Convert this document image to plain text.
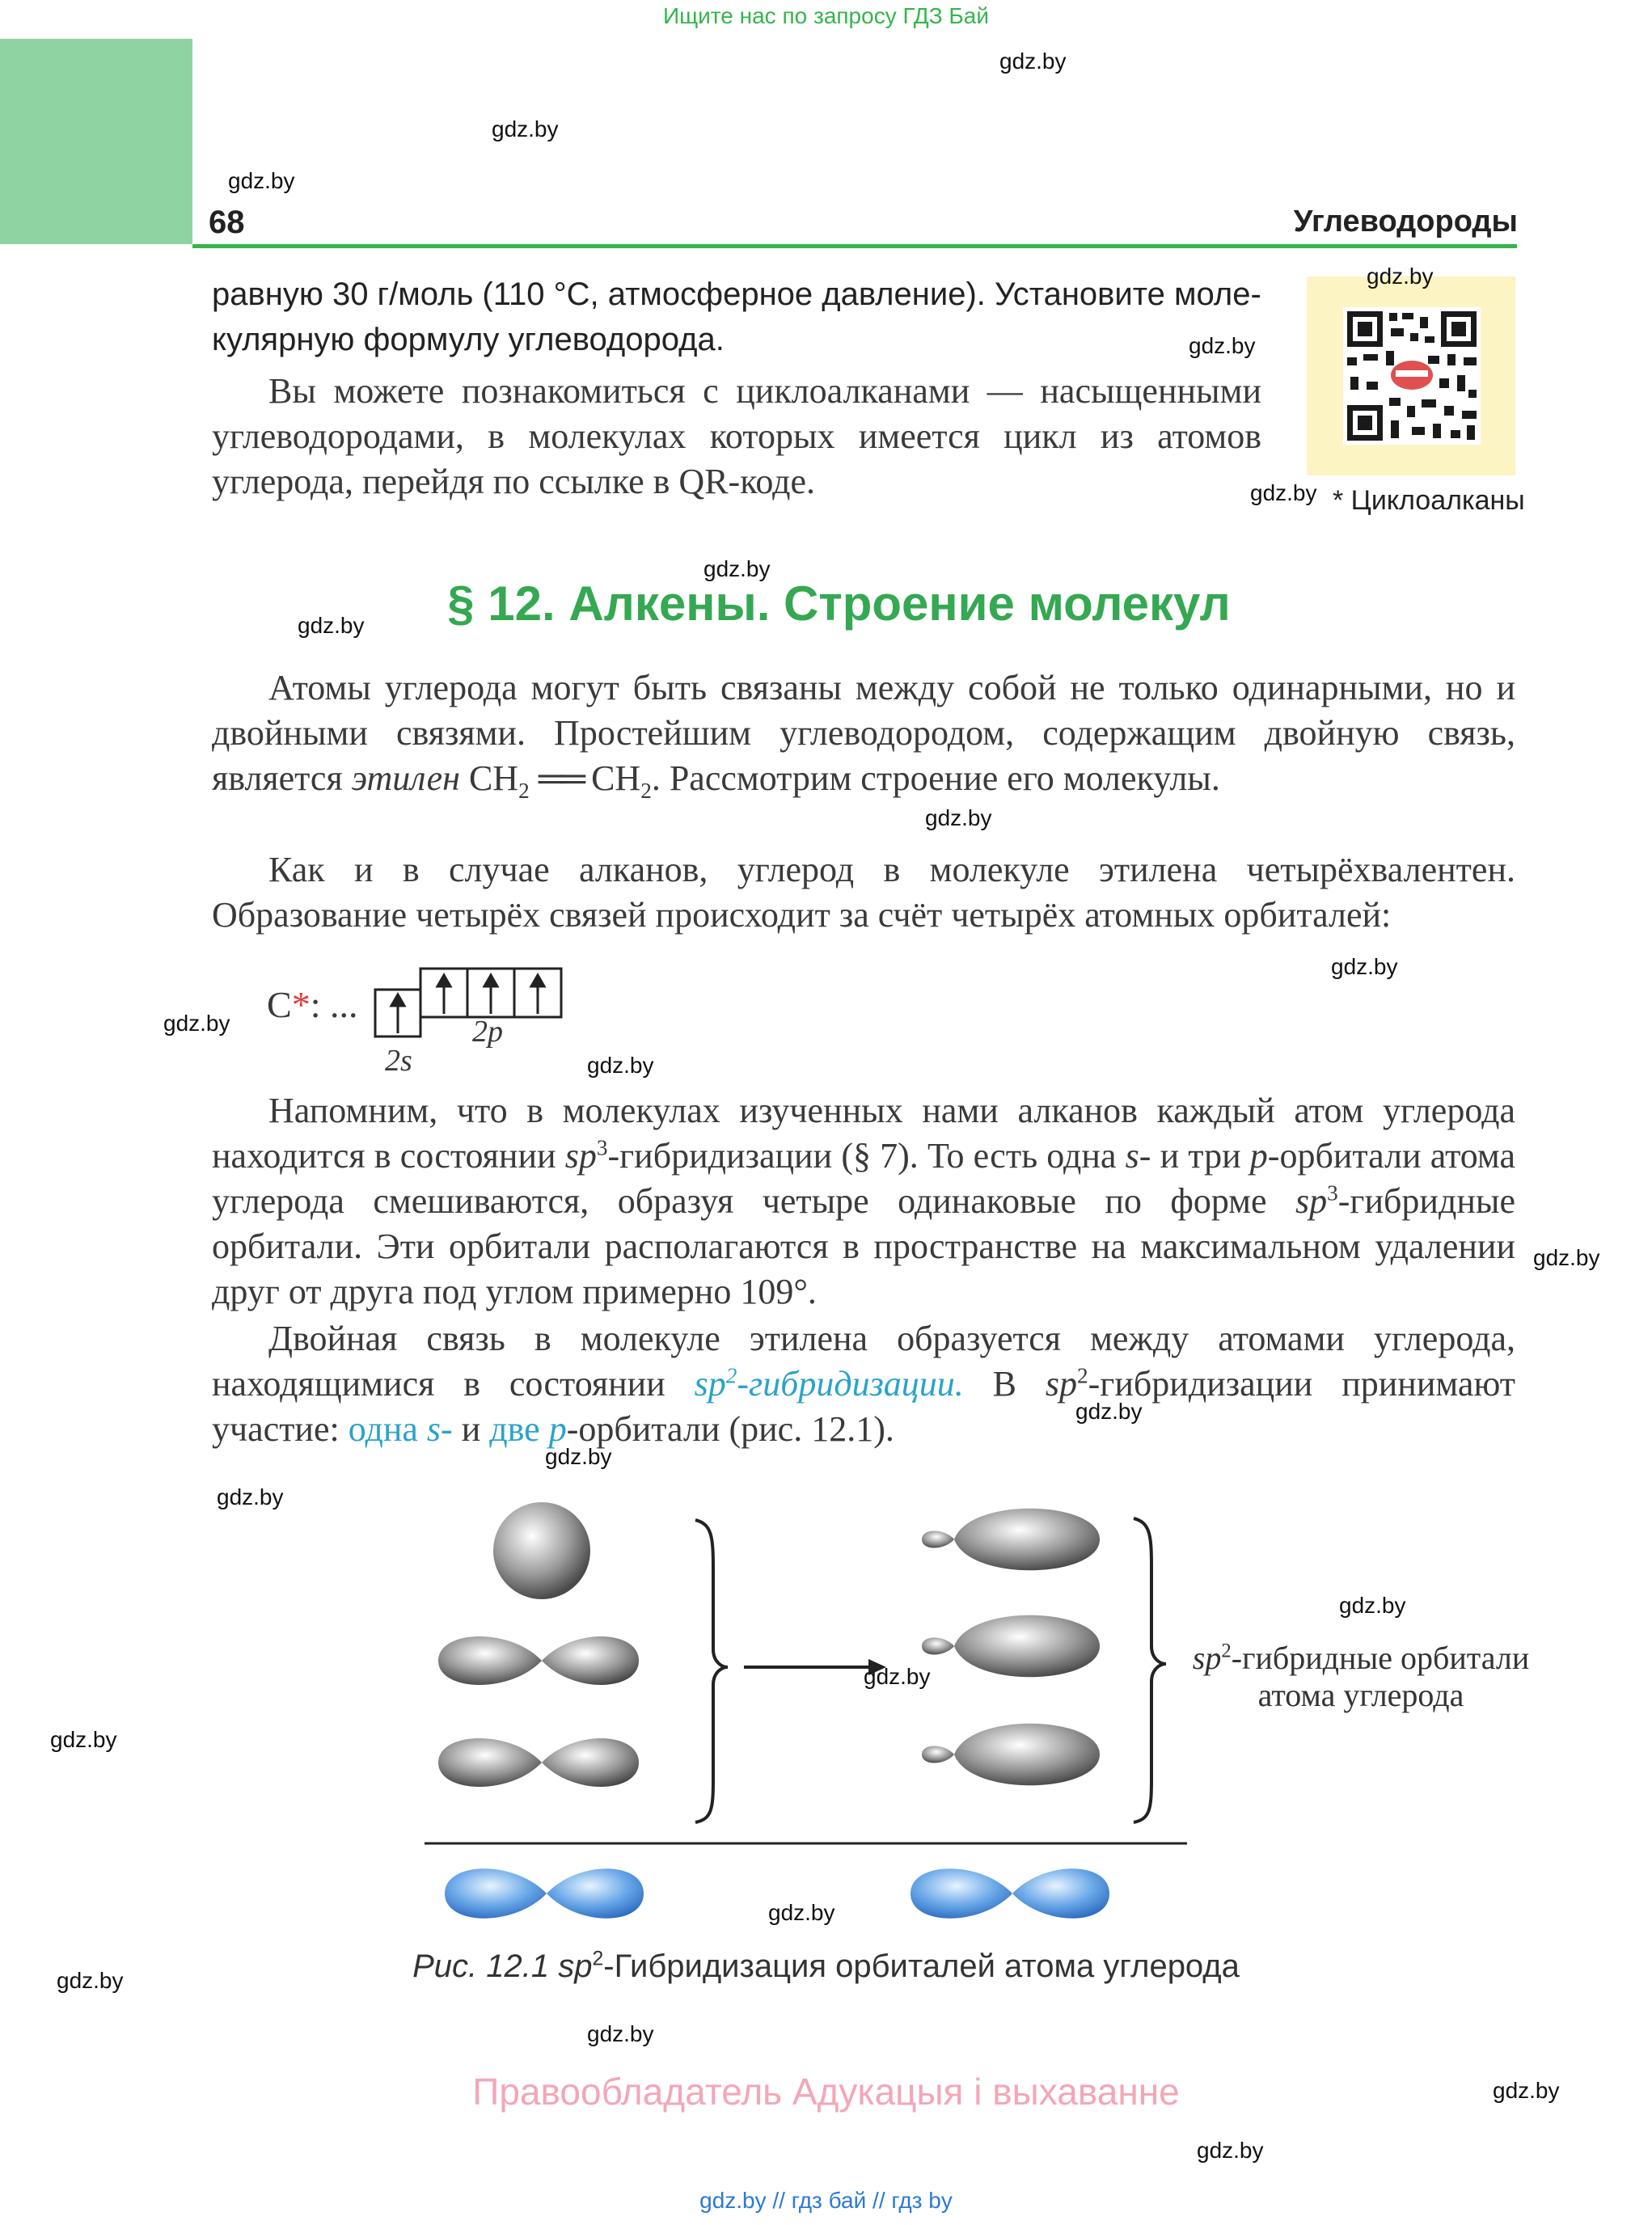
Ищите нас по запросу ГДЗ Бай
68	Углеводороды
равную 30 г/моль (110 °С, атмосферное давление). Установите моле-
кулярную формулу углеводорода.
Вы можете познакомиться с циклоалканами — насыщенными углеводородами, в молекулах которых имеется цикл из атомов углерода, перейдя по ссылке в QR-коде.	* Циклоалканы
§ 12. Алкены. Строение молекул
Атомы углерода могут быть связаны между собой не только одинарными, но и двойными связями. Простейшим углеводородом, содержащим двойную связь, является этилен $CH_2$ ══ $CH_2$. Рассмотрим строение его молекулы.
Как и в случае алканов, углерод в молекуле этилена четырёхвалентен. Образование четырёх связей происходит за счёт четырёх атомных орбиталей:
C*: ...
2s
2p
Напомним, что в молекулах изученных нами алканов каждый атом углерода находится в состоянии $sp^3$-гибридизации (§ 7). То есть одна s- и три p-орбитали атома углерода смешиваются, образуя четыре одинаковые по форме $sp^3$-гибридные орбитали. Эти орбитали располагаются в пространстве на максимальном удалении друг от друга под углом примерно 109°.
Двойная связь в молекуле этилена образуется между атомами углерода, находящимися в состоянии $sp^2$-гибридизации. В $sp^2$-гибридизации принимают участие: одна s- и две p-орбитали (рис. 12.1).
$sp^2$-гибридные орбитали
атома углерода
Рис. 12.1 $sp^2$-Гибридизация орбиталей атома углерода
Правообладатель Адукацыя і выхаванне
gdz.by // гдз бай // гдз by
gdz.by
gdz.by
gdz.by
gdz.by
gdz.by
gdz.by
gdz.by
gdz.by
gdz.by
gdz.by
gdz.by
gdz.by
gdz.by
gdz.by
gdz.by
gdz.by
gdz.by
gdz.by
gdz.by
gdz.by
gdz.by
gdz.by
gdz.by
gdz.by
